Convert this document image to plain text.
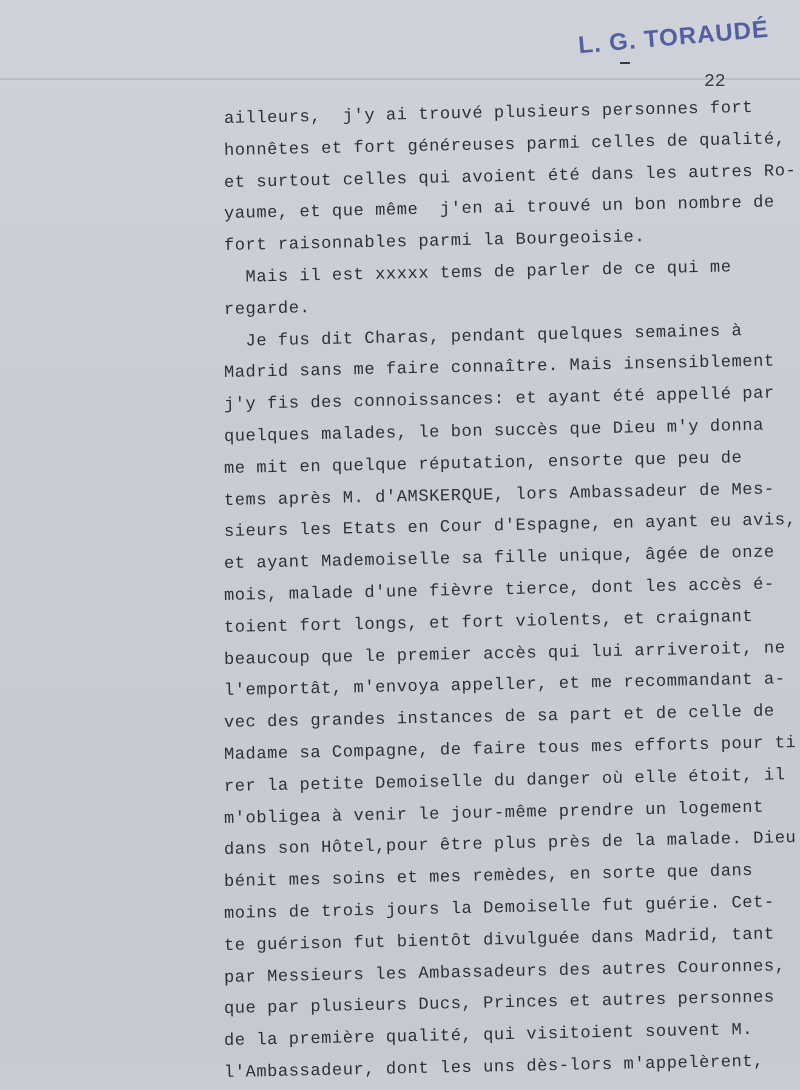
L. G. TORAUDÉ
22
ailleurs,  j'y ai trouvé plusieurs personnes fort
honnêtes et fort généreuses parmi celles de qualité,
et surtout celles qui avoient été dans les autres Ro-
yaume, et que même  j'en ai trouvé un bon nombre de
fort raisonnables parmi la Bourgeoisie.
Mais il est xxxxx tems de parler de ce qui me
regarde.
Je fus dit Charas, pendant quelques semaines à
Madrid sans me faire connaître. Mais insensiblement
j'y fis des connoissances: et ayant été appellé par
quelques malades, le bon succès que Dieu m'y donna
me mit en quelque réputation, ensorte que peu de
tems après M. d'AMSKERQUE, lors Ambassadeur de Mes-
sieurs les Etats en Cour d'Espagne, en ayant eu avis,
et ayant Mademoiselle sa fille unique, âgée de onze
mois, malade d'une fièvre tierce, dont les accès é-
toient fort longs, et fort violents, et craignant
beaucoup que le premier accès qui lui arriveroit, ne
l'emportât, m'envoya appeller, et me recommandant a-
vec des grandes instances de sa part et de celle de
Madame sa Compagne, de faire tous mes efforts pour ti
rer la petite Demoiselle du danger où elle étoit, il
m'obligea à venir le jour-même prendre un logement
dans son Hôtel,pour être plus près de la malade. Dieu
bénit mes soins et mes remèdes, en sorte que dans
moins de trois jours la Demoiselle fut guérie. Cet-
te guérison fut bientôt divulguée dans Madrid, tant
par Messieurs les Ambassadeurs des autres Couronnes,
que par plusieurs Ducs, Princes et autres personnes
de la première qualité, qui visitoient souvent M.
l'Ambassadeur, dont les uns dès-lors m'appelèrent,
